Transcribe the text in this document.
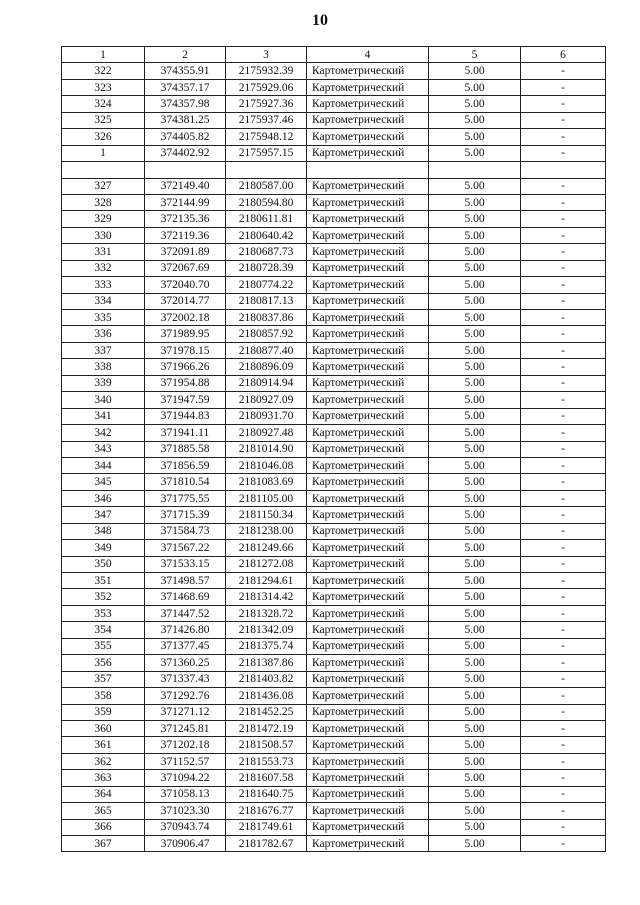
10
1	2	3	4	5	6
322	374355.91	2175932.39	Картометрический	5.00	-
323	374357.17	2175929.06	Картометрический	5.00	-
324	374357.98	2175927.36	Картометрический	5.00	-
325	374381.25	2175937.46	Картометрический	5.00	-
326	374405.82	2175948.12	Картометрический	5.00	-
1	374402.92	2175957.15	Картометрический	5.00	-

327	372149.40	2180587.00	Картометрический	5.00	-
328	372144.99	2180594.80	Картометрический	5.00	-
329	372135.36	2180611.81	Картометрический	5.00	-
330	372119.36	2180640.42	Картометрический	5.00	-
331	372091.89	2180687.73	Картометрический	5.00	-
332	372067.69	2180728.39	Картометрический	5.00	-
333	372040.70	2180774.22	Картометрический	5.00	-
334	372014.77	2180817.13	Картометрический	5.00	-
335	372002.18	2180837.86	Картометрический	5.00	-
336	371989.95	2180857.92	Картометрический	5.00	-
337	371978.15	2180877.40	Картометрический	5.00	-
338	371966.26	2180896.09	Картометрический	5.00	-
339	371954.88	2180914.94	Картометрический	5.00	-
340	371947.59	2180927.09	Картометрический	5.00	-
341	371944.83	2180931.70	Картометрический	5.00	-
342	371941.11	2180927.48	Картометрический	5.00	-
343	371885.58	2181014.90	Картометрический	5.00	-
344	371856.59	2181046.08	Картометрический	5.00	-
345	371810.54	2181083.69	Картометрический	5.00	-
346	371775.55	2181105.00	Картометрический	5.00	-
347	371715.39	2181150.34	Картометрический	5.00	-
348	371584.73	2181238.00	Картометрический	5.00	-
349	371567.22	2181249.66	Картометрический	5.00	-
350	371533.15	2181272.08	Картометрический	5.00	-
351	371498.57	2181294.61	Картометрический	5.00	-
352	371468.69	2181314.42	Картометрический	5.00	-
353	371447.52	2181328.72	Картометрический	5.00	-
354	371426.80	2181342.09	Картометрический	5.00	-
355	371377.45	2181375.74	Картометрический	5.00	-
356	371360.25	2181387.86	Картометрический	5.00	-
357	371337.43	2181403.82	Картометрический	5.00	-
358	371292.76	2181436.08	Картометрический	5.00	-
359	371271.12	2181452.25	Картометрический	5.00	-
360	371245.81	2181472.19	Картометрический	5.00	-
361	371202.18	2181508.57	Картометрический	5.00	-
362	371152.57	2181553.73	Картометрический	5.00	-
363	371094.22	2181607.58	Картометрический	5.00	-
364	371058.13	2181640.75	Картометрический	5.00	-
365	371023.30	2181676.77	Картометрический	5.00	-
366	370943.74	2181749.61	Картометрический	5.00	-
367	370906.47	2181782.67	Картометрический	5.00	-
